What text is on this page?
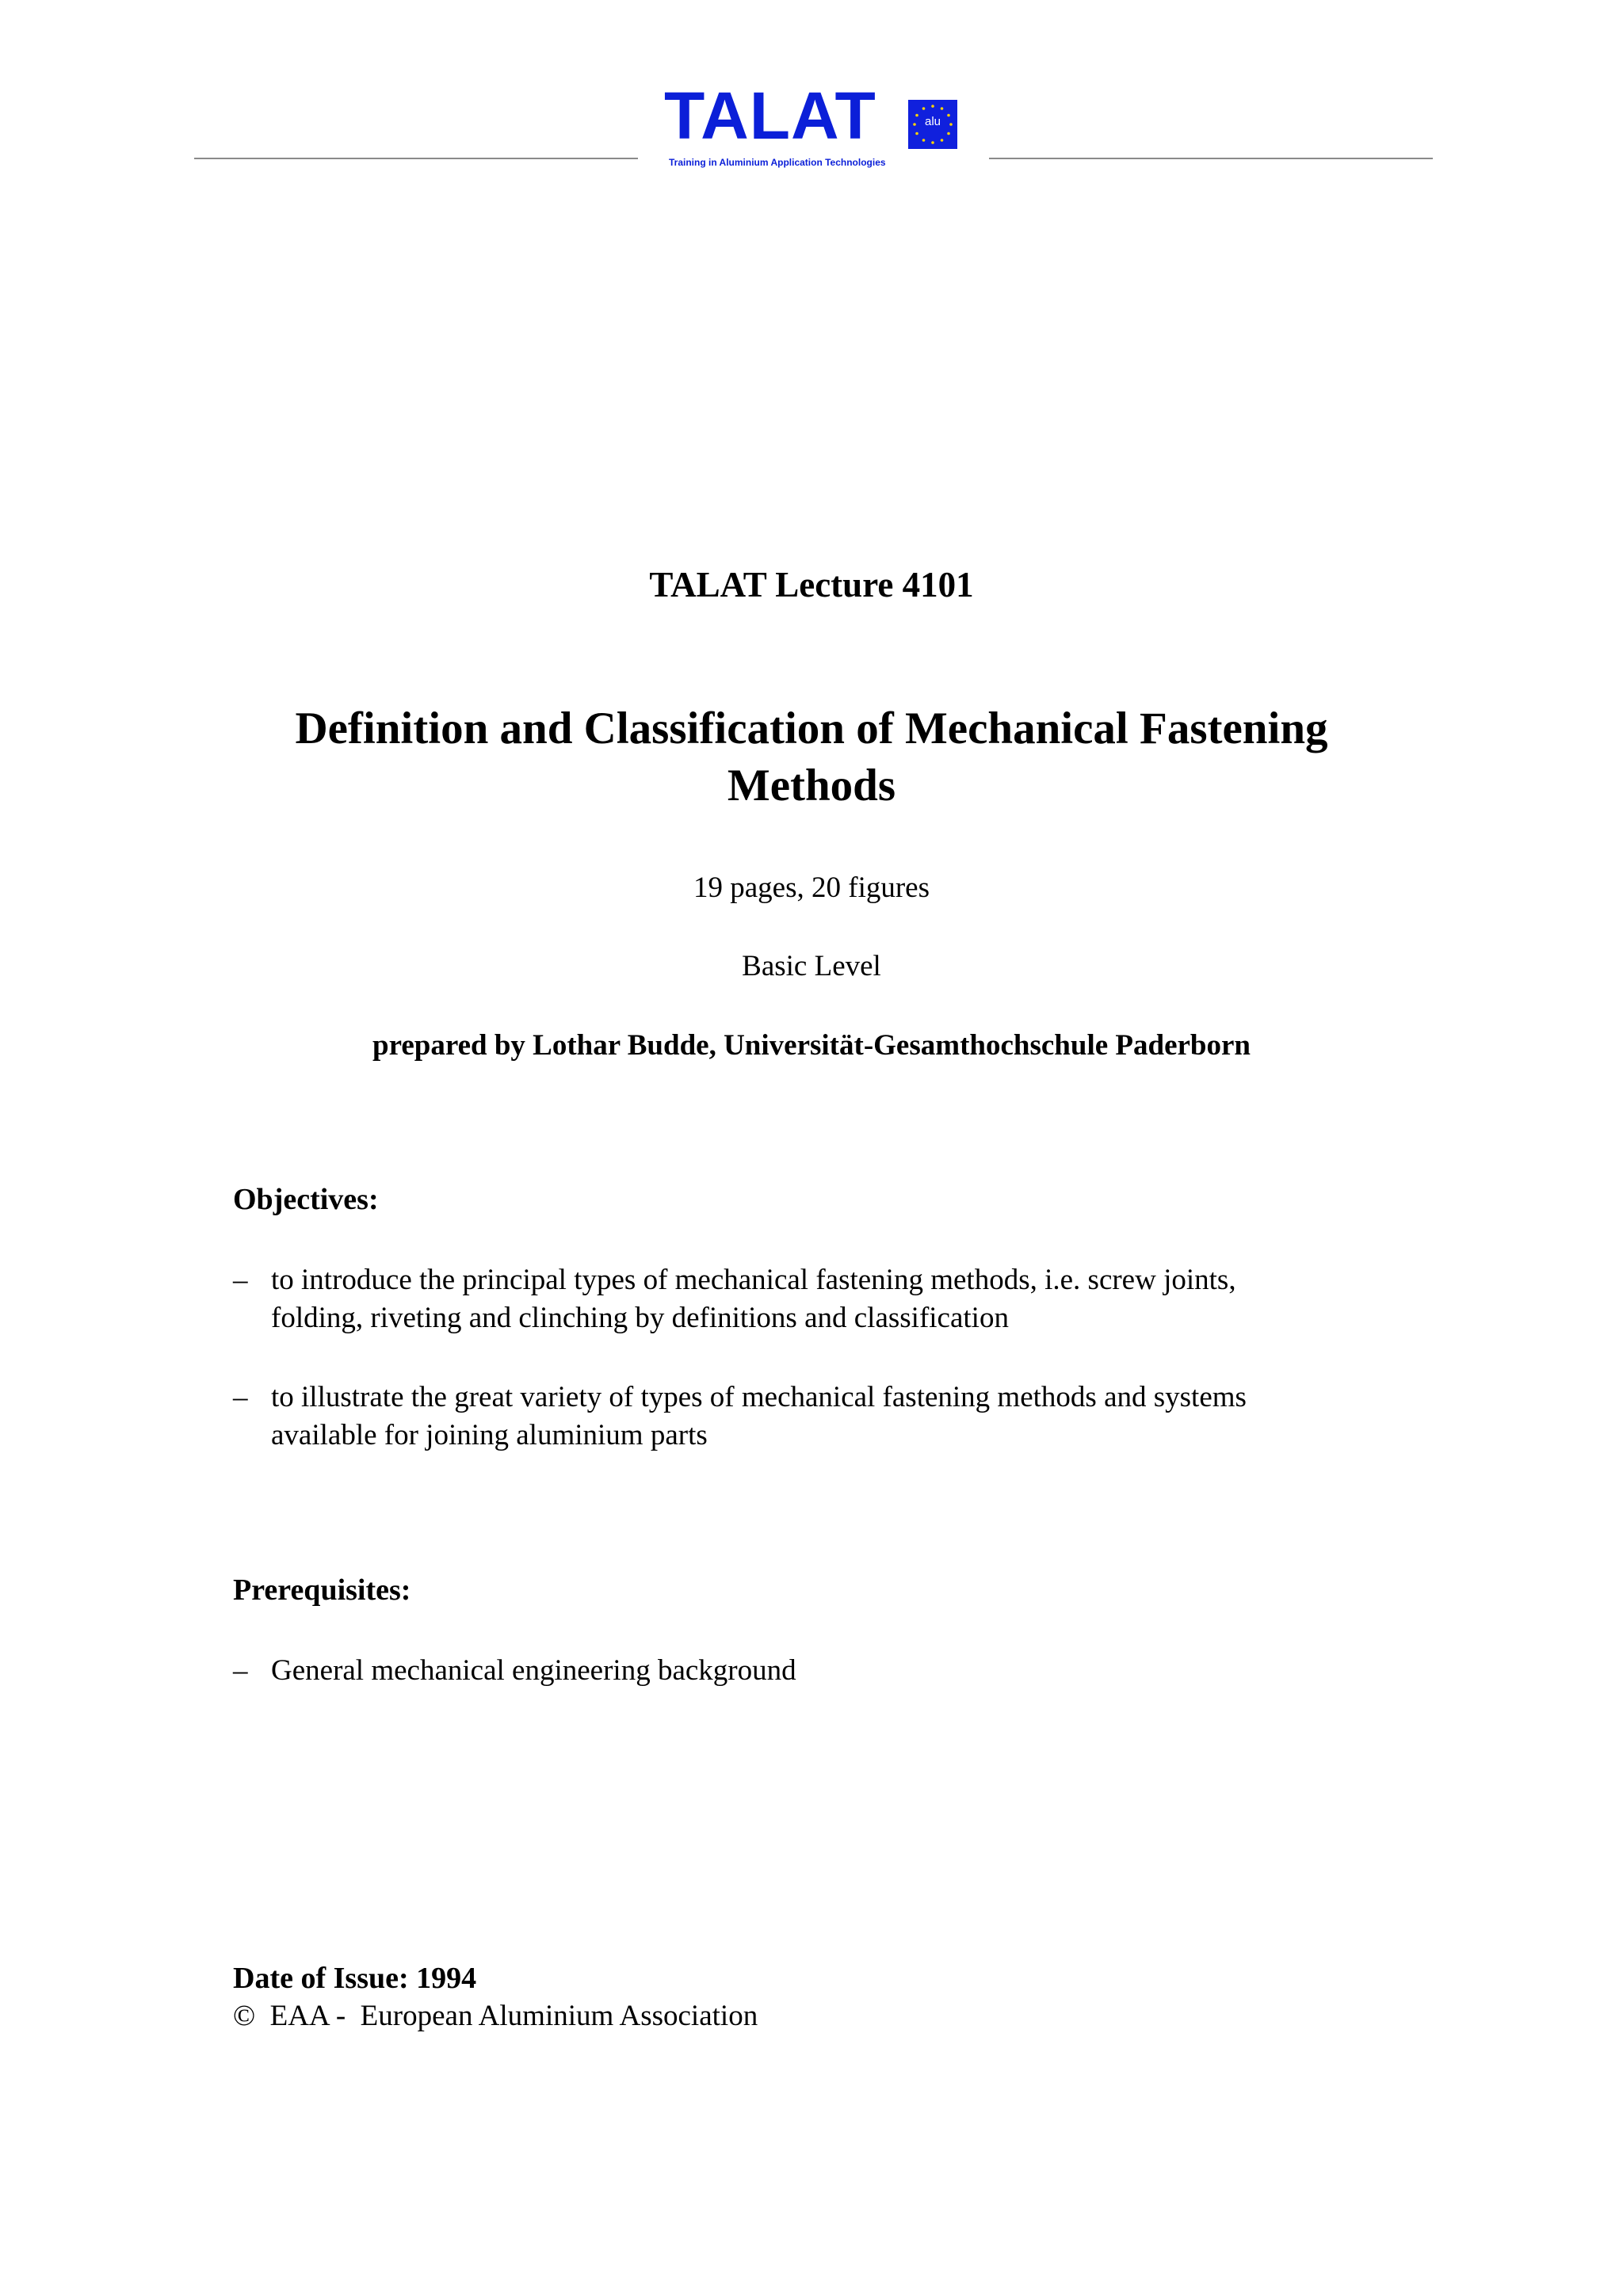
TALAT	alu
Training in Aluminium Application Technologies
TALAT Lecture 4101
Definition and Classification of Mechanical Fastening
Methods
19 pages, 20 figures
Basic Level
prepared by Lothar Budde, Universität-Gesamthochschule Paderborn
Objectives:
– to introduce the principal types of mechanical fastening methods, i.e. screw joints,
folding, riveting and clinching by definitions and classification
– to illustrate the great variety of types of mechanical fastening methods and systems
available for joining aluminium parts
Prerequisites:
– General mechanical engineering background
Date of Issue: 1994
©  EAA -  European Aluminium Association
